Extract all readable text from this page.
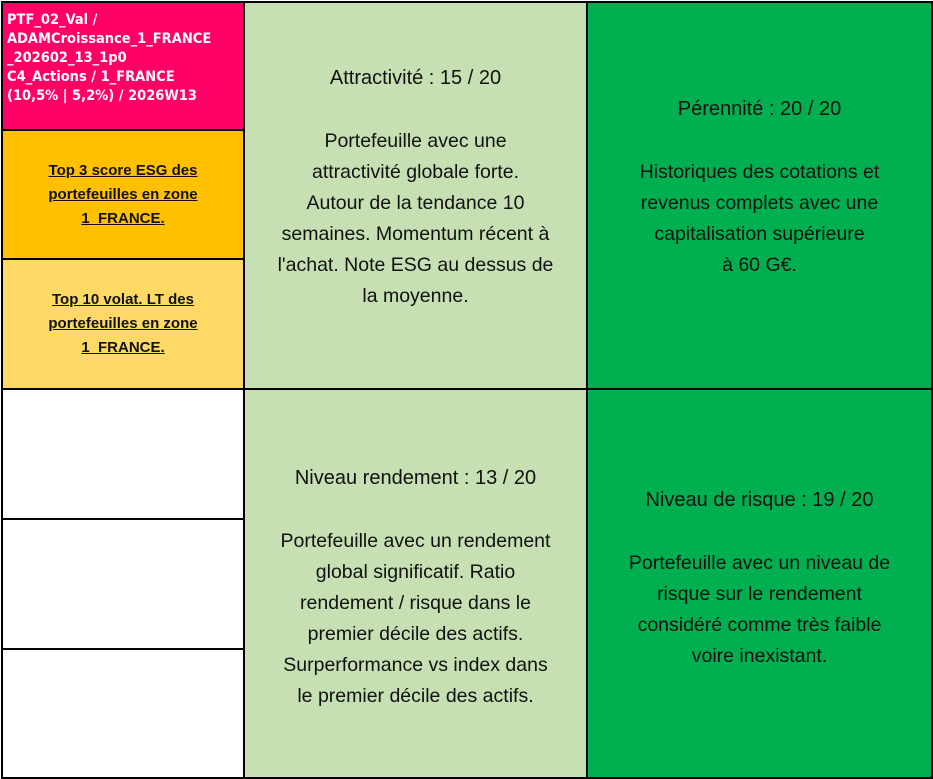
PTF_02_Val /
ADAMCroissance_1_FRANCE
_202602_13_1p0
C4_Actions / 1_FRANCE
(10,5% | 5,2%) / 2026W13
Top 3 score ESG des
portefeuilles en zone
1_FRANCE.
Top 10 volat. LT des
portefeuilles en zone
1_FRANCE.
Attractivité : 15 / 20
Portefeuille avec une
attractivité globale forte.
Autour de la tendance 10
semaines. Momentum récent à
l'achat. Note ESG au dessus de
la moyenne.
Pérennité : 20 / 20
Historiques des cotations et
revenus complets avec une
capitalisation supérieure
à 60 G€.
Niveau rendement : 13 / 20
Portefeuille avec un rendement
global significatif. Ratio
rendement / risque dans le
premier décile des actifs.
Surperformance vs index dans
le premier décile des actifs.
Niveau de risque : 19 / 20
Portefeuille avec un niveau de
risque sur le rendement
considéré comme très faible
voire inexistant.
